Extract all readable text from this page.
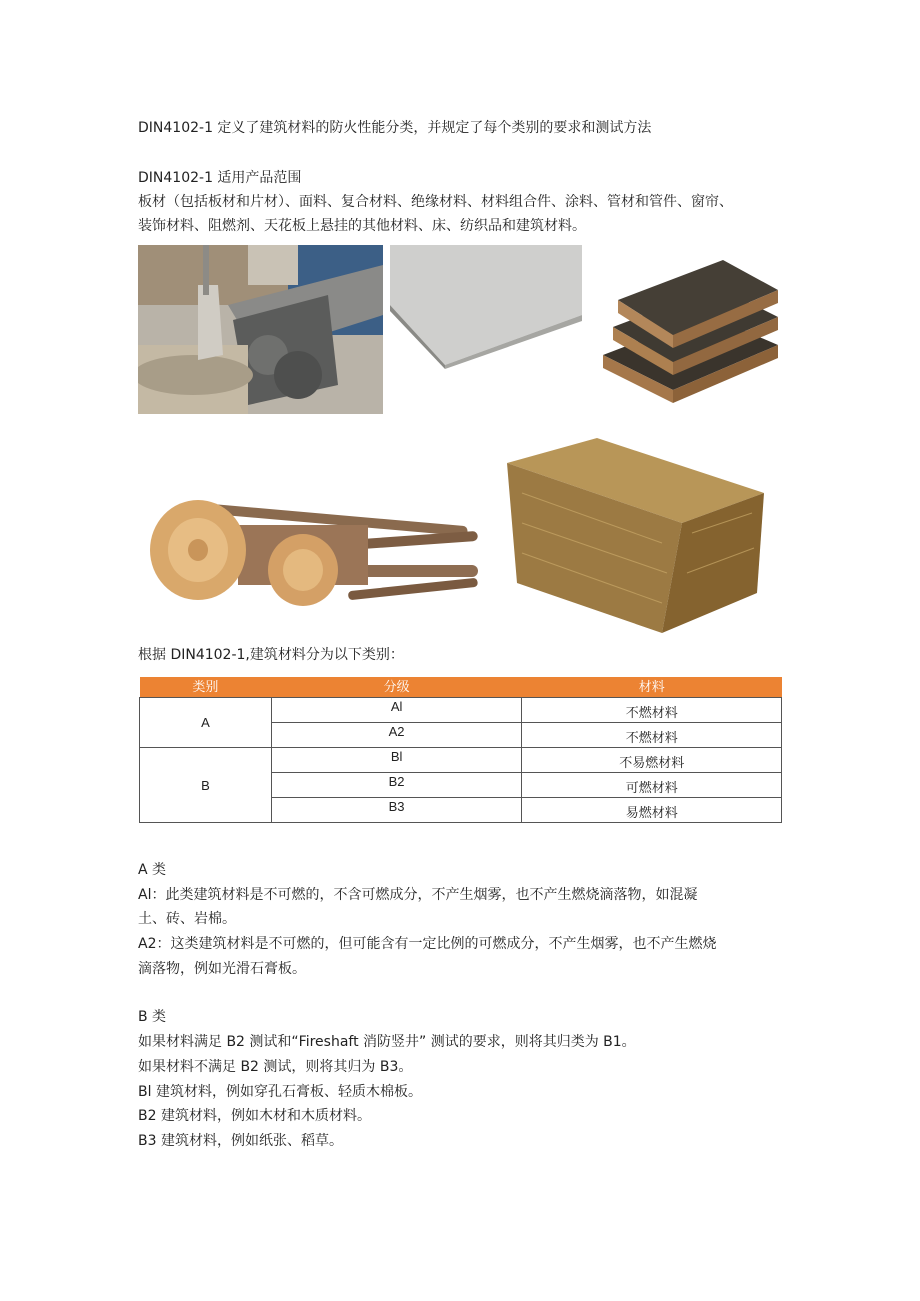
DIN4102-1 定义了建筑材料的防火性能分类，并规定了每个类别的要求和测试方法
DIN4102-1 适用产品范围
板材（包括板材和片材）、面料、复合材料、绝缘材料、材料组合件、涂料、管材和管件、窗帘、
装饰材料、阻燃剂、天花板上悬挂的其他材料、床、纺织品和建筑材料。
根据 DIN4102-1,建筑材料分为以下类别：
类别	分级	材料
A	Al	不燃材料
	A2	不燃材料
B	Bl	不易燃材料
	B2	可燃材料
	B3	易燃材料
A 类
Al：此类建筑材料是不可燃的，不含可燃成分，不产生烟雾，也不产生燃烧滴落物，如混凝
土、砖、岩棉。
A2：这类建筑材料是不可燃的，但可能含有一定比例的可燃成分，不产生烟雾，也不产生燃烧
滴落物，例如光滑石膏板。
B 类
如果材料满足 B2 测试和“Fireshaft 消防竖井” 测试的要求，则将其归类为 B1。
如果材料不满足 B2 测试，则将其归为 B3。
Bl 建筑材料，例如穿孔石膏板、轻质木棉板。
B2 建筑材料，例如木材和木质材料。
B3 建筑材料，例如纸张、稻草。
